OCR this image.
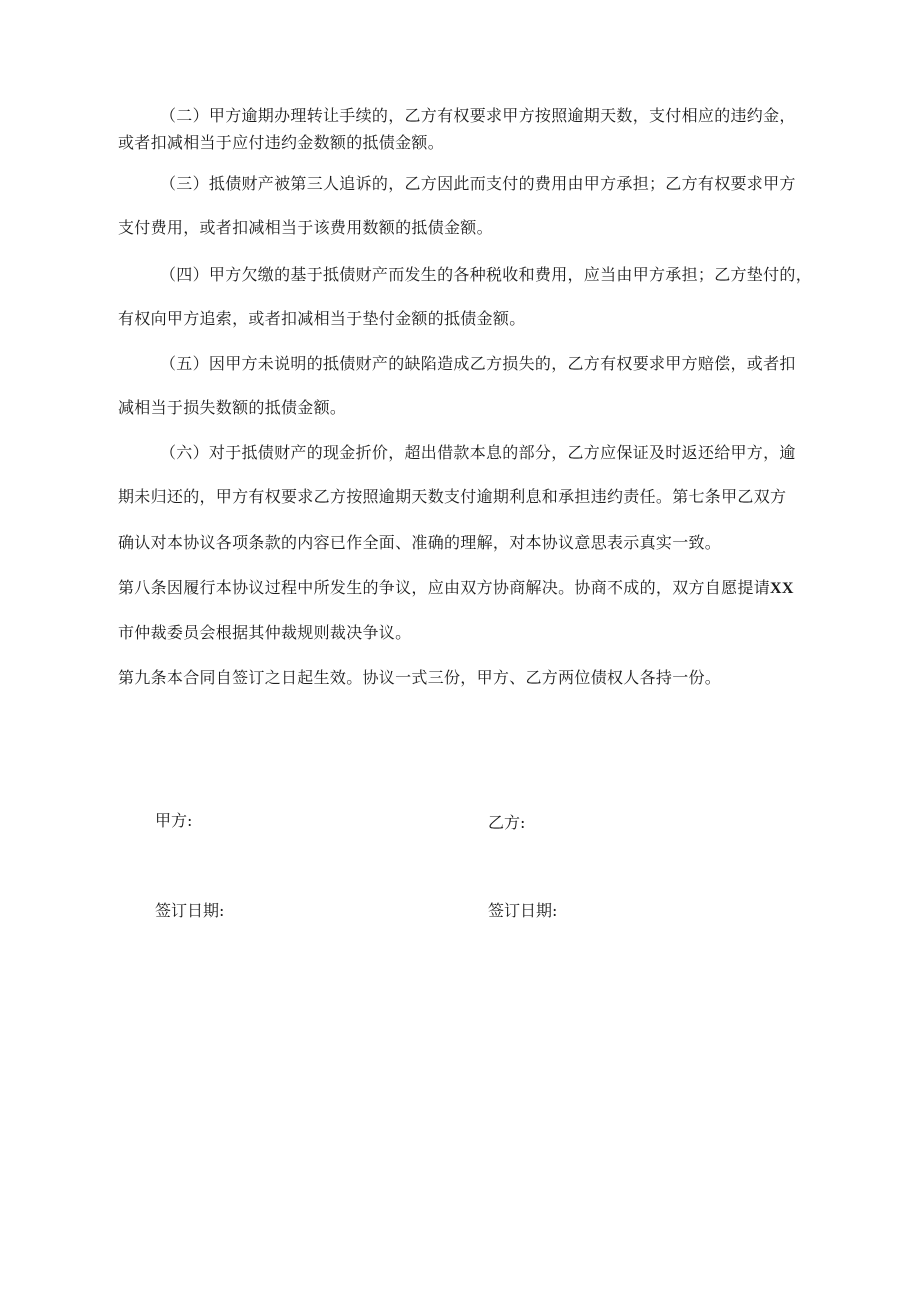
（二）甲方逾期办理转让手续的，乙方有权要求甲方按照逾期天数，支付相应的违约金，
或者扣减相当于应付违约金数额的抵债金额。
（三）抵债财产被第三人追诉的，乙方因此而支付的费用由甲方承担；乙方有权要求甲方
支付费用，或者扣减相当于该费用数额的抵债金额。
（四）甲方欠缴的基于抵债财产而发生的各种税收和费用，应当由甲方承担；乙方垫付的，
有权向甲方追索，或者扣减相当于垫付金额的抵债金额。
（五）因甲方未说明的抵债财产的缺陷造成乙方损失的，乙方有权要求甲方赔偿，或者扣
减相当于损失数额的抵债金额。
（六）对于抵债财产的现金折价，超出借款本息的部分，乙方应保证及时返还给甲方，逾
期未归还的，甲方有权要求乙方按照逾期天数支付逾期利息和承担违约责任。第七条甲乙双方
确认对本协议各项条款的内容已作全面、准确的理解，对本协议意思表示真实一致。
第八条因履行本协议过程中所发生的争议，应由双方协商解决。协商不成的，双方自愿提请XX
市仲裁委员会根据其仲裁规则裁决争议。
第九条本合同自签订之日起生效。协议一式三份，甲方、乙方两位债权人各持一份。
甲方:	乙方:
签订日期:	签订日期:
